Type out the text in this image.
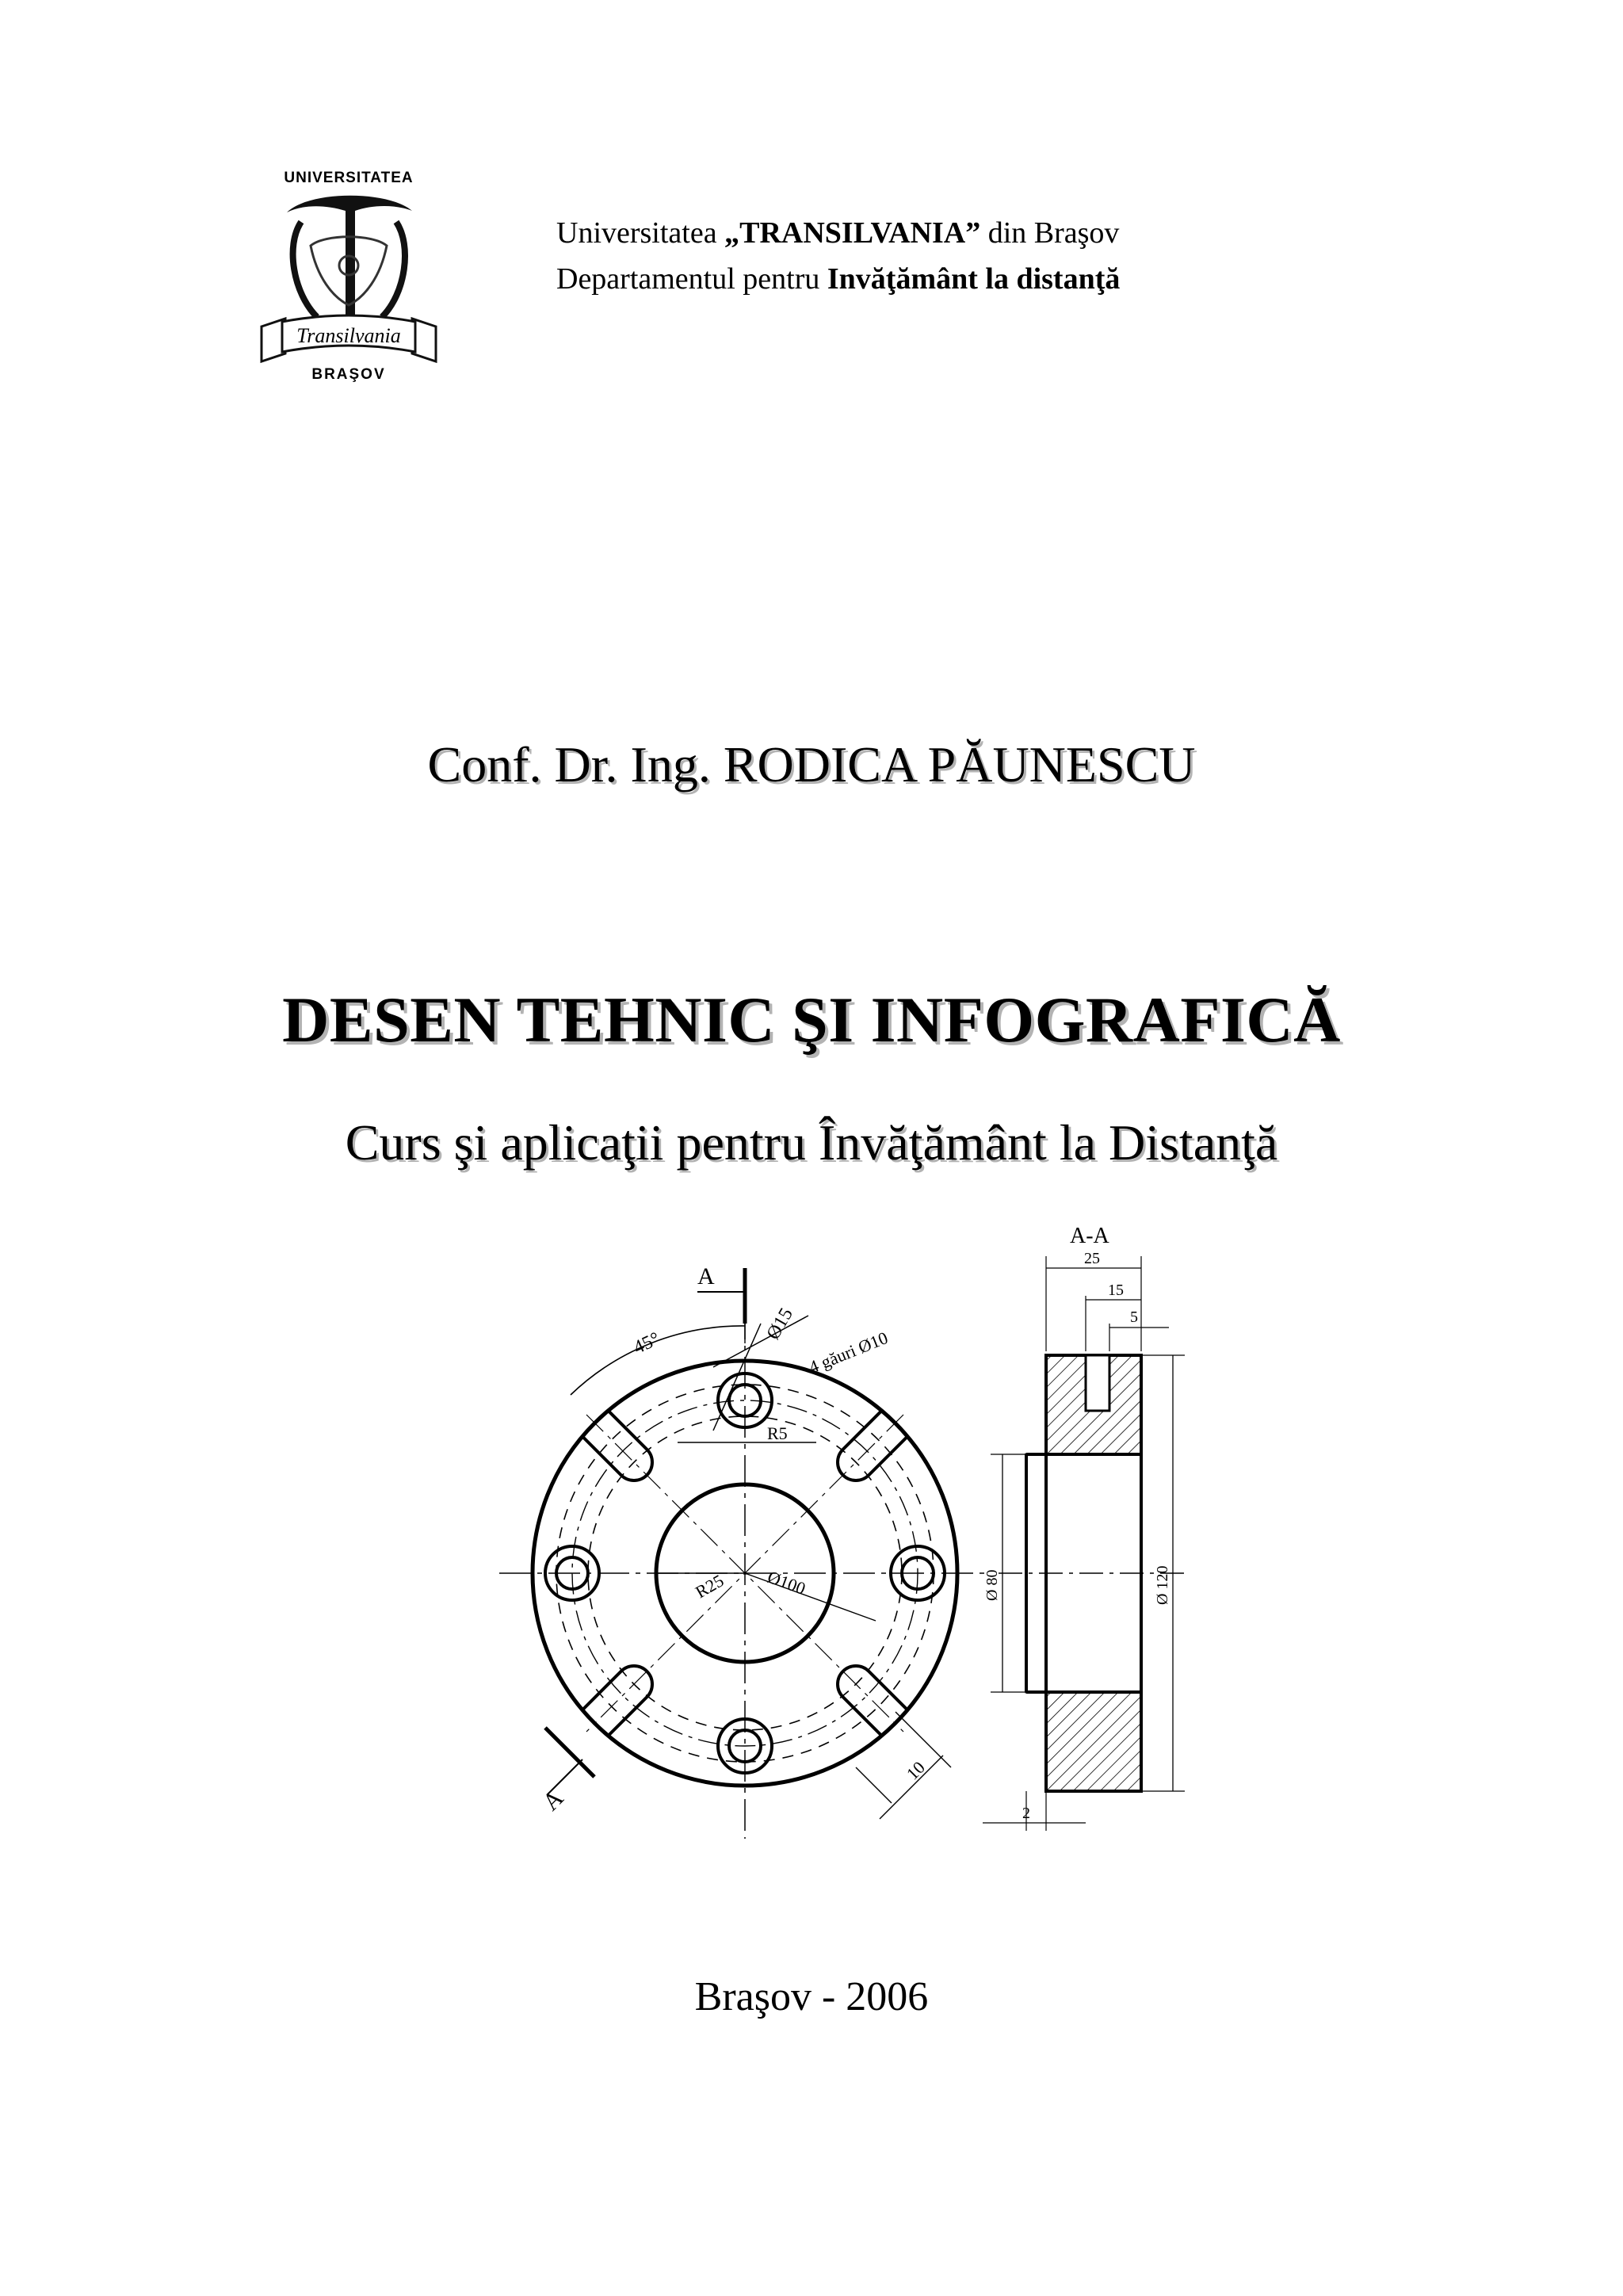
UNIVERSITATEA
Transilvania
BRAŞOV
Universitatea „TRANSILVANIA” din Braşov
Departamentul pentru Invăţământ la distanţă
Conf. Dr. Ing. RODICA PĂUNESCU
DESEN TEHNIC ŞI INFOGRAFICĂ
Curs şi aplicaţii pentru Învăţământ la Distanţă
A
A
45°
Ø15
4 găuri Ø10
R5
R25 Ø100
10
A-A
25
15
5
Ø 80	Ø 120
2
Braşov - 2006
